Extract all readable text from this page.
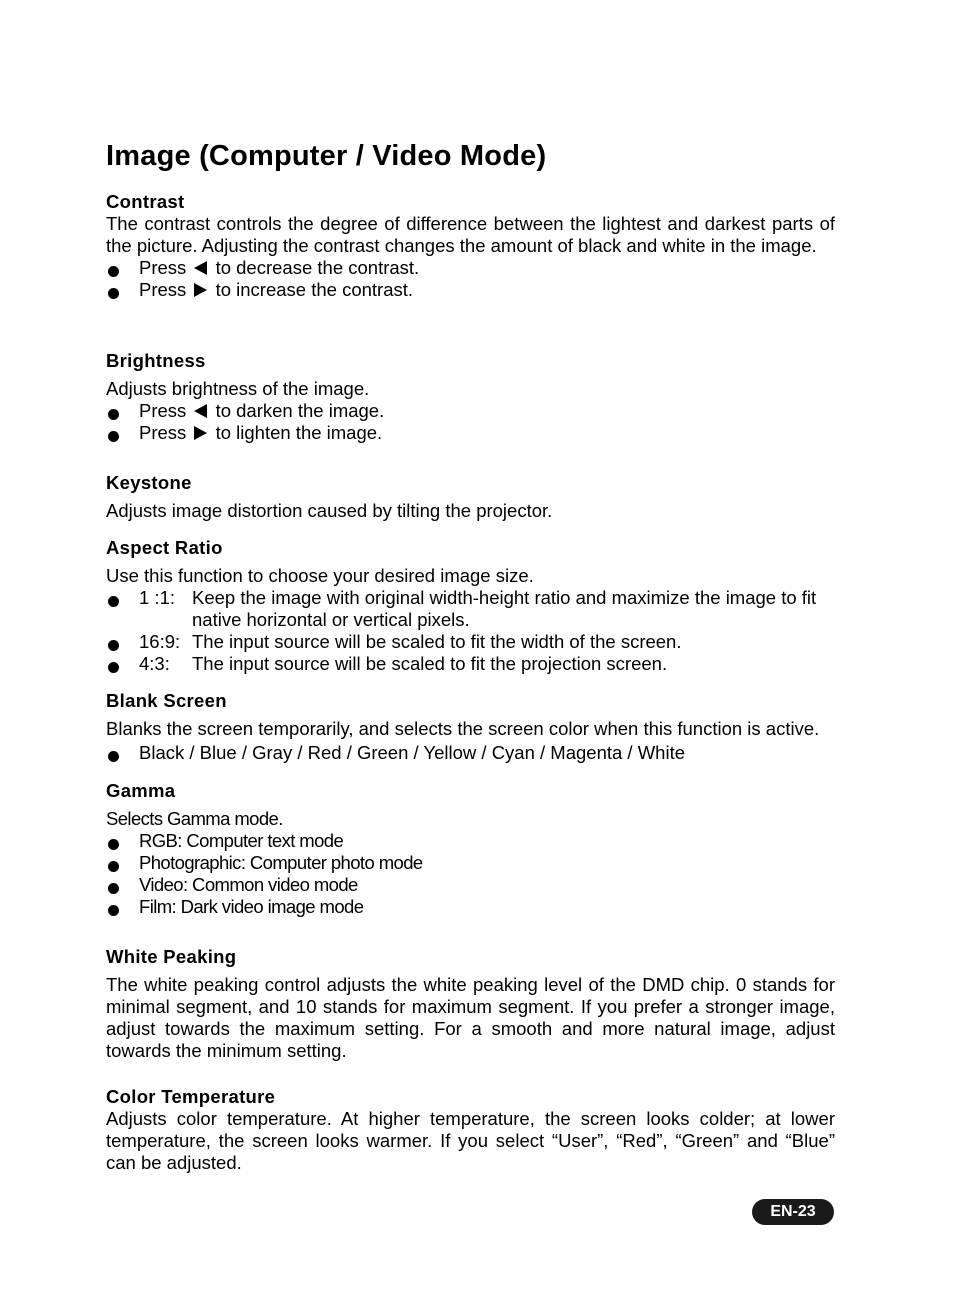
Image (Computer / Video Mode)

Contrast

The contrast controls the degree of difference between the lightest and darkest parts of the picture. Adjusting the contrast changes the amount of black and white in the image.

Press to decrease the contrast.
Press to increase the contrast.

Brightness

Adjusts brightness of the image.

Press to darken the image.
Press to lighten the image.

Keystone

Adjusts image distortion caused by tilting the projector.

Aspect Ratio

Use this function to choose your desired image size.

1 :1: Keep the image with original width-height ratio and maximize the image to fit native horizontal or vertical pixels.
16:9: The input source will be scaled to fit the width of the screen.
4:3:	The input source will be scaled to fit the projection screen.

Blank Screen

Blanks the screen temporarily, and selects the screen color when this function is active.

Black / Blue / Gray / Red / Green / Yellow / Cyan / Magenta / White

Gamma

Selects Gamma mode.

RGB: Computer text mode
Photographic: Computer photo mode
Video: Common video mode
Film: Dark video image mode

White Peaking

The white peaking control adjusts the white peaking level of the DMD chip. 0 stands for minimal segment, and 10 stands for maximum segment. If you prefer a stronger image, adjust towards the maximum setting. For a smooth and more natural image, adjust towards the minimum setting.

Color Temperature

Adjusts color temperature. At higher temperature, the screen looks colder; at lower temperature, the screen looks warmer. If you select “User”, “Red”, “Green” and “Blue” can be adjusted.

EN-23
